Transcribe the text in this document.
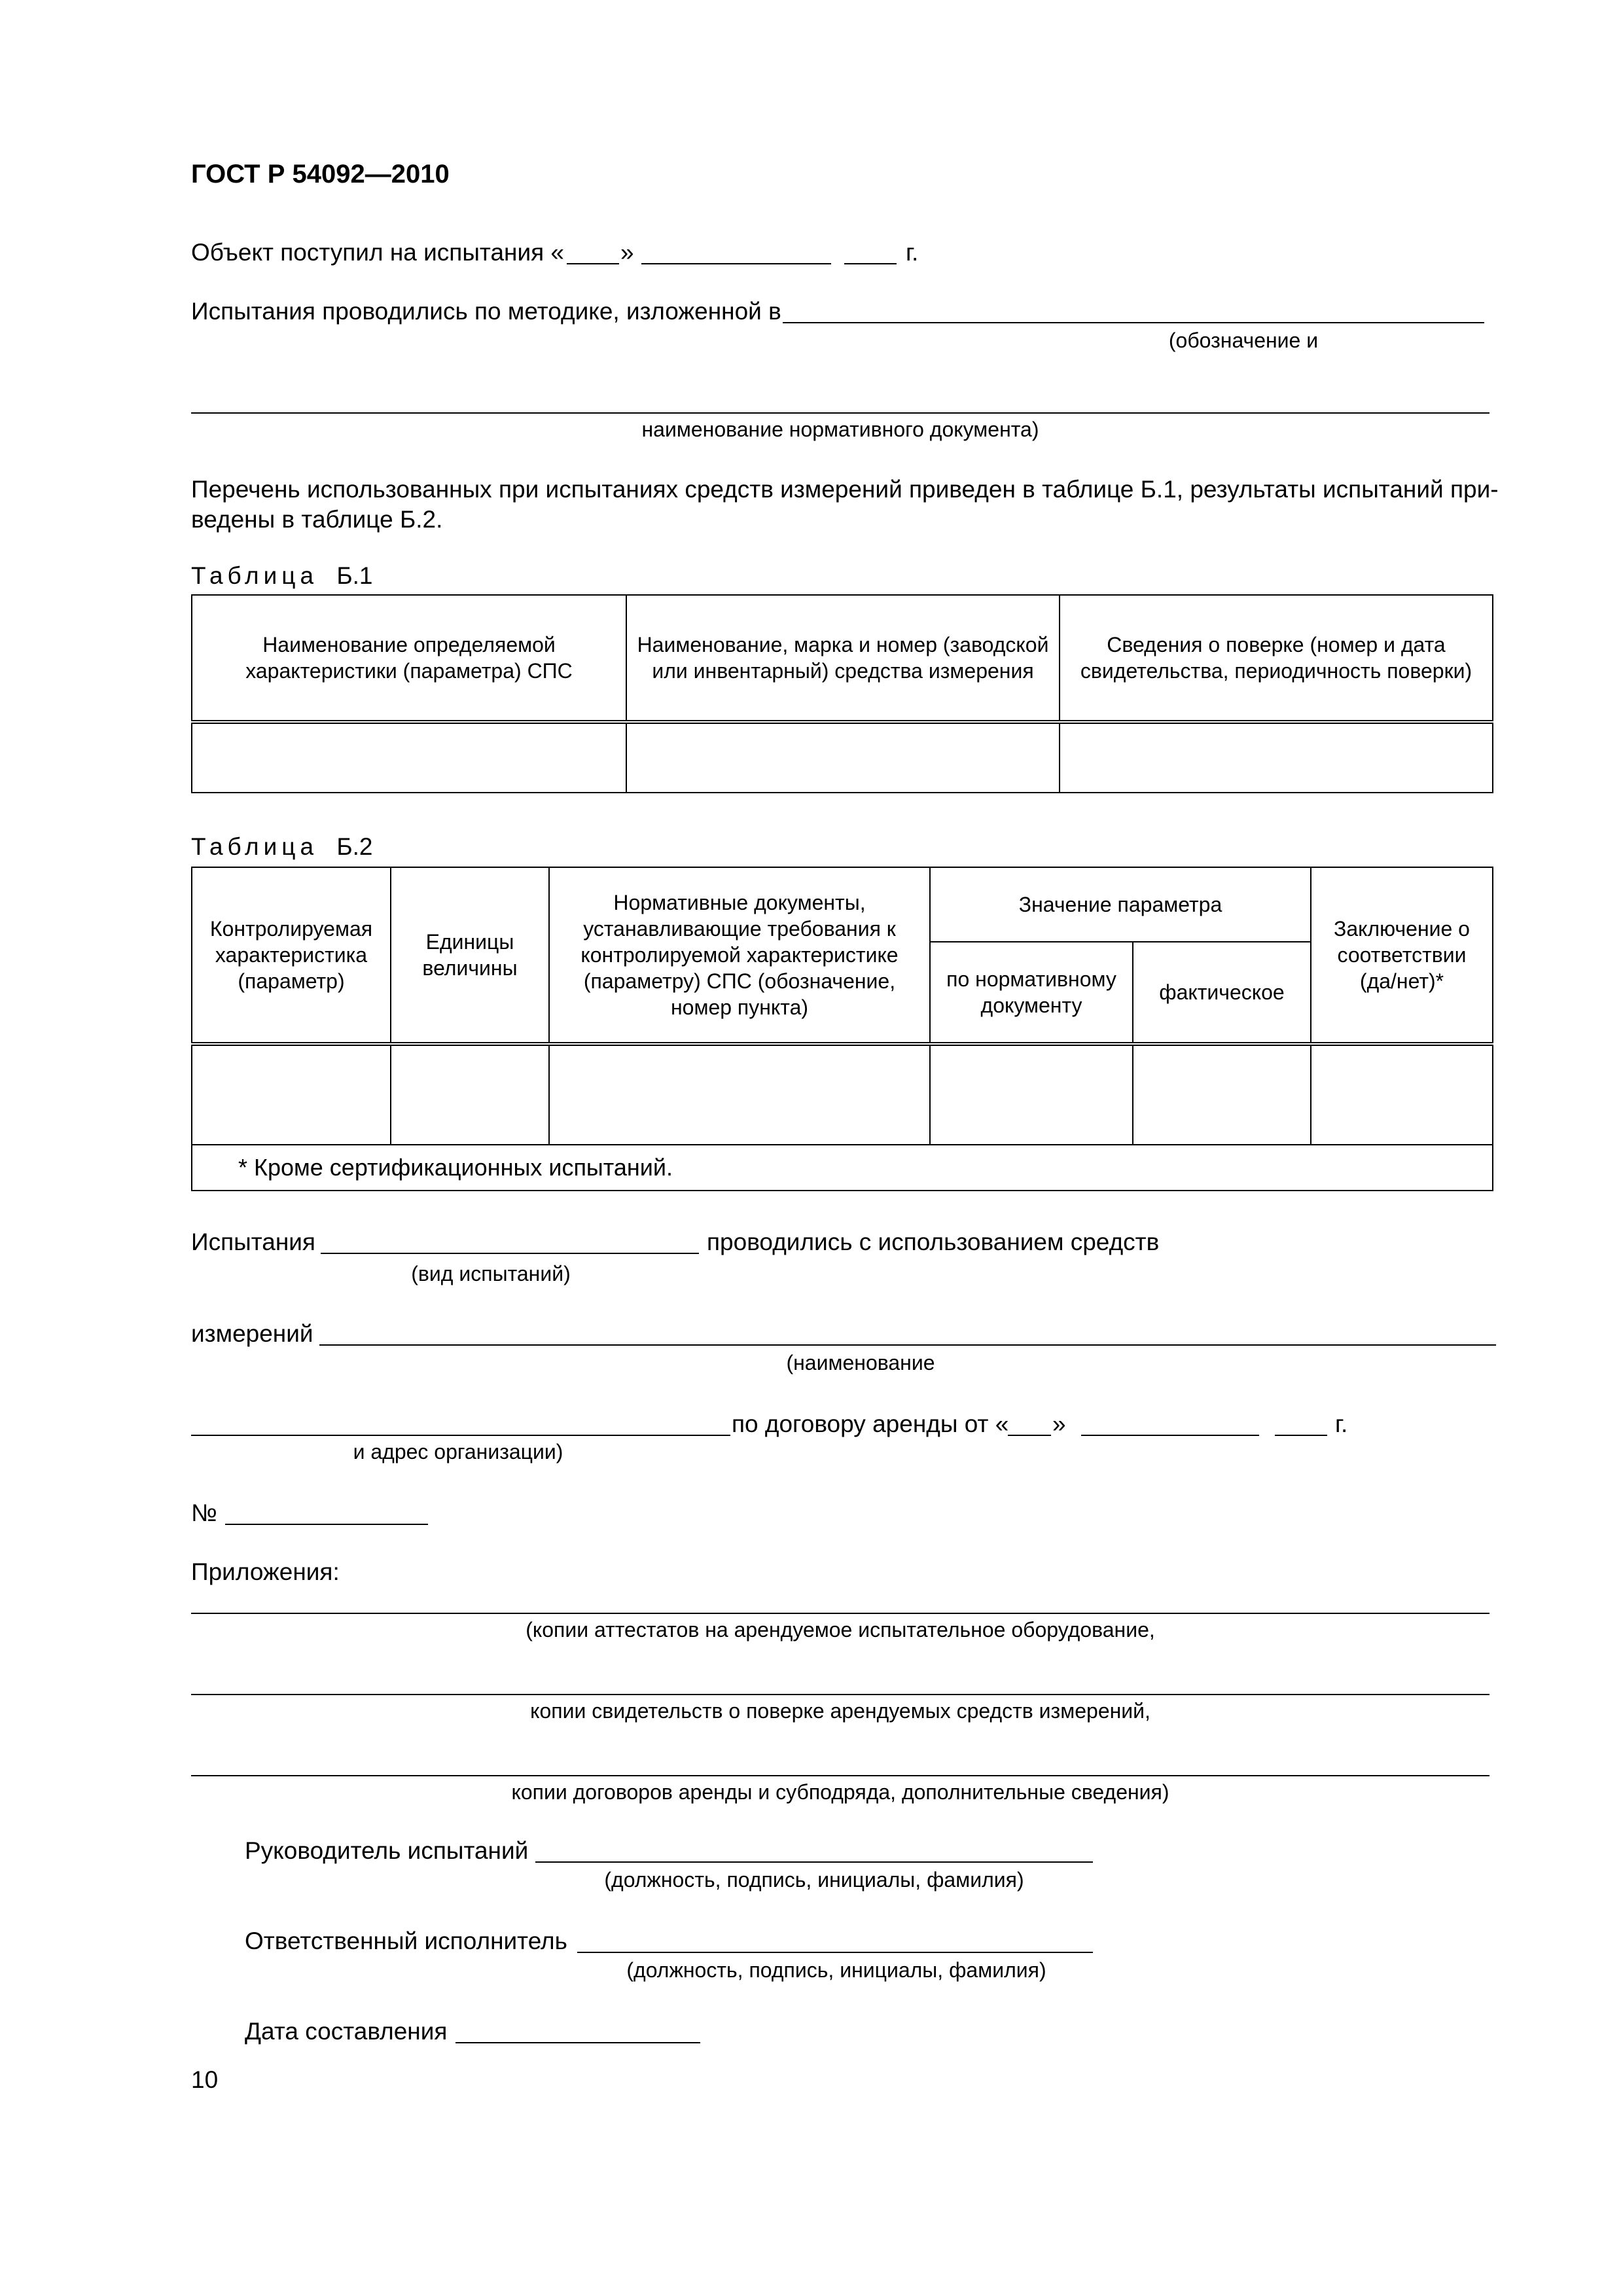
ГОСТ Р 54092—2010
Объект поступил на испытания « »	г.
Испытания проводились по методике, изложенной в
(обозначение и
наименование нормативного документа)
Перечень использованных при испытаниях средств измерений приведен в таблице Б.1, результаты испытаний при-
ведены в таблице Б.2.
Таблица Б.1
Наименование определяемой характеристики (параметра) СПС	Наименование, марка и номер (заводской или инвентарный) средства измерения	Сведения о поверке (номер и дата свидетельства, периодичность поверки)

Таблица Б.2
Контролируемая характеристика (параметр)	Единицы величины	Нормативные документы, устанавливающие требования к контролируемой характеристике (параметру) СПС (обозначение, номер пункта)	Значение параметра		Заключение о соответствии (да/нет)*
			по нормативному документу	фактическое	

* Кроме сертификационных испытаний.					
Испытания	проводились с использованием средств
(вид испытаний)
измерений
(наименование
по договору аренды от « »	г.
и адрес организации)
№
Приложения:
(копии аттестатов на арендуемое испытательное оборудование,
копии свидетельств о поверке арендуемых средств измерений,
копии договоров аренды и субподряда, дополнительные сведения)
Руководитель испытаний
(должность, подпись, инициалы, фамилия)
Ответственный исполнитель
(должность, подпись, инициалы, фамилия)
Дата составления
10
